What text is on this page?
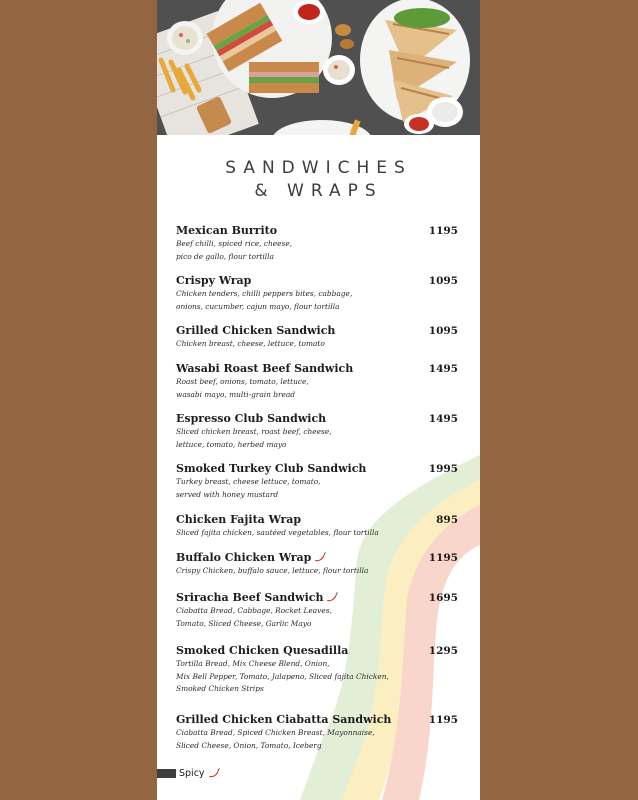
SANDWICHES
& WRAPS
Mexican Burrito	1195
Beef chilli, spiced rice, cheese,
pico de gallo, flour tortilla
Crispy Wrap	1095
Chicken tenders, chilli peppers bites, cabbage,
onions, cucumber, cajun mayo, flour tortilla
Grilled Chicken Sandwich	1095
Chicken breast, cheese, lettuce, tomato
Wasabi Roast Beef Sandwich	1495
Roast beef, onions, tomato, lettuce,
wasabi mayo, multi-grain bread
Espresso Club Sandwich	1495
Sliced chicken breast, roast beef, cheese,
lettuce, tomato, herbed mayo
Smoked Turkey Club Sandwich	1995
Turkey breast, cheese lettuce, tomato,
served with honey mustard
Chicken Fajita Wrap	895
Sliced fajita chicken, sautéed vegetables, flour tortilla
Buffalo Chicken Wrap	1195
Crispy Chicken, buffalo sauce, lettuce, flour tortilla
Sriracha Beef Sandwich	1695
Ciabatta Bread, Cabbage, Rocket Leaves,
Tomato, Sliced Cheese, Garlic Mayo
Smoked Chicken Quesadilla	1295
Tortilla Bread, Mix Cheese Blend, Onion,
Mix Bell Pepper, Tomato, Jalapeno, Sliced fajita Chicken,
Smoked Chicken Strips
Grilled Chicken Ciabatta Sandwich	1195
Ciabatta Bread, Spiced Chicken Breast, Mayonnaise,
Sliced Cheese, Onion, Tomato, Iceberg
Spicy
